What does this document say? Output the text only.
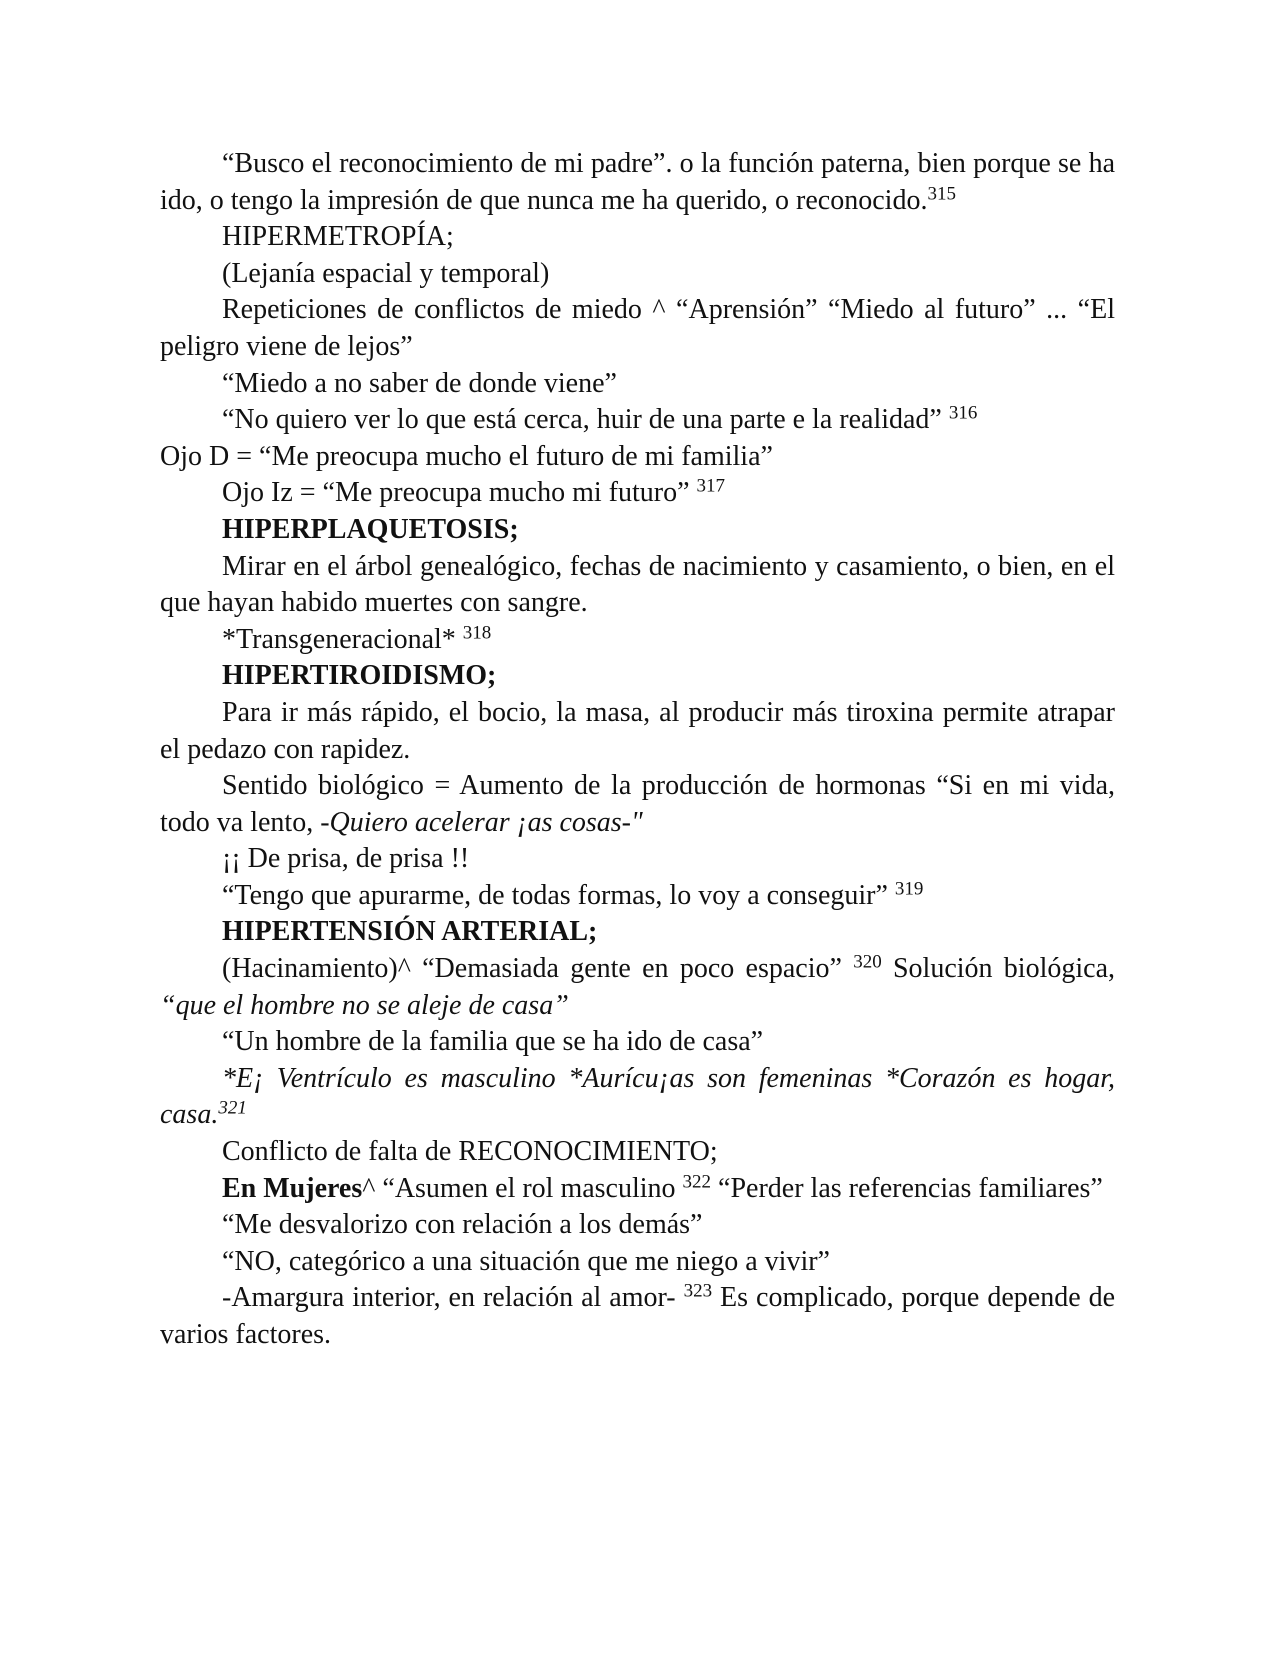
“Busco el reconocimiento de mi padre”. o la función paterna, bien porque se ha ido, o tengo la impresión de que nunca me ha querido, o reconocido.$^{315}$

HIPERMETROPÍA;

(Lejanía espacial y temporal)

Repeticiones de conflictos de miedo ^ “Aprensión” “Miedo al futuro” ... “El peligro viene de lejos”

“Miedo a no saber de donde viene”

“No quiero ver lo que está cerca, huir de una parte e la realidad” $^{316}$

Ojo D = “Me preocupa mucho el futuro de mi familia”

Ojo Iz = “Me preocupa mucho mi futuro” $^{317}$

HIPERPLAQUETOSIS;

Mirar en el árbol genealógico, fechas de nacimiento y casamiento, o bien, en el que hayan habido muertes con sangre.

*Transgeneracional* $^{318}$

HIPERTIROIDISMO;

Para ir más rápido, el bocio, la masa, al producir más tiroxina permite atrapar el pedazo con rapidez.

Sentido biológico = Aumento de la producción de hormonas “Si en mi vida, todo va lento, -Quiero acelerar ¡as cosas-"

¡¡ De prisa, de prisa !!

“Tengo que apurarme, de todas formas, lo voy a conseguir” $^{319}$

HIPERTENSIÓN ARTERIAL;

(Hacinamiento)^ “Demasiada gente en poco espacio” $^{320}$ Solución biológica, “que el hombre no se aleje de casa”

“Un hombre de la familia que se ha ido de casa”

*E¡ Ventrículo es masculino *Aurícu¡as son femeninas *Corazón es hogar, casa.$^{321}$

Conflicto de falta de RECONOCIMIENTO;

En Mujeres^ “Asumen el rol masculino $^{322}$ “Perder las referencias familiares”

“Me desvalorizo con relación a los demás”

“NO, categórico a una situación que me niego a vivir”

-Amargura interior, en relación al amor- $^{323}$ Es complicado, porque depende de varios factores.
